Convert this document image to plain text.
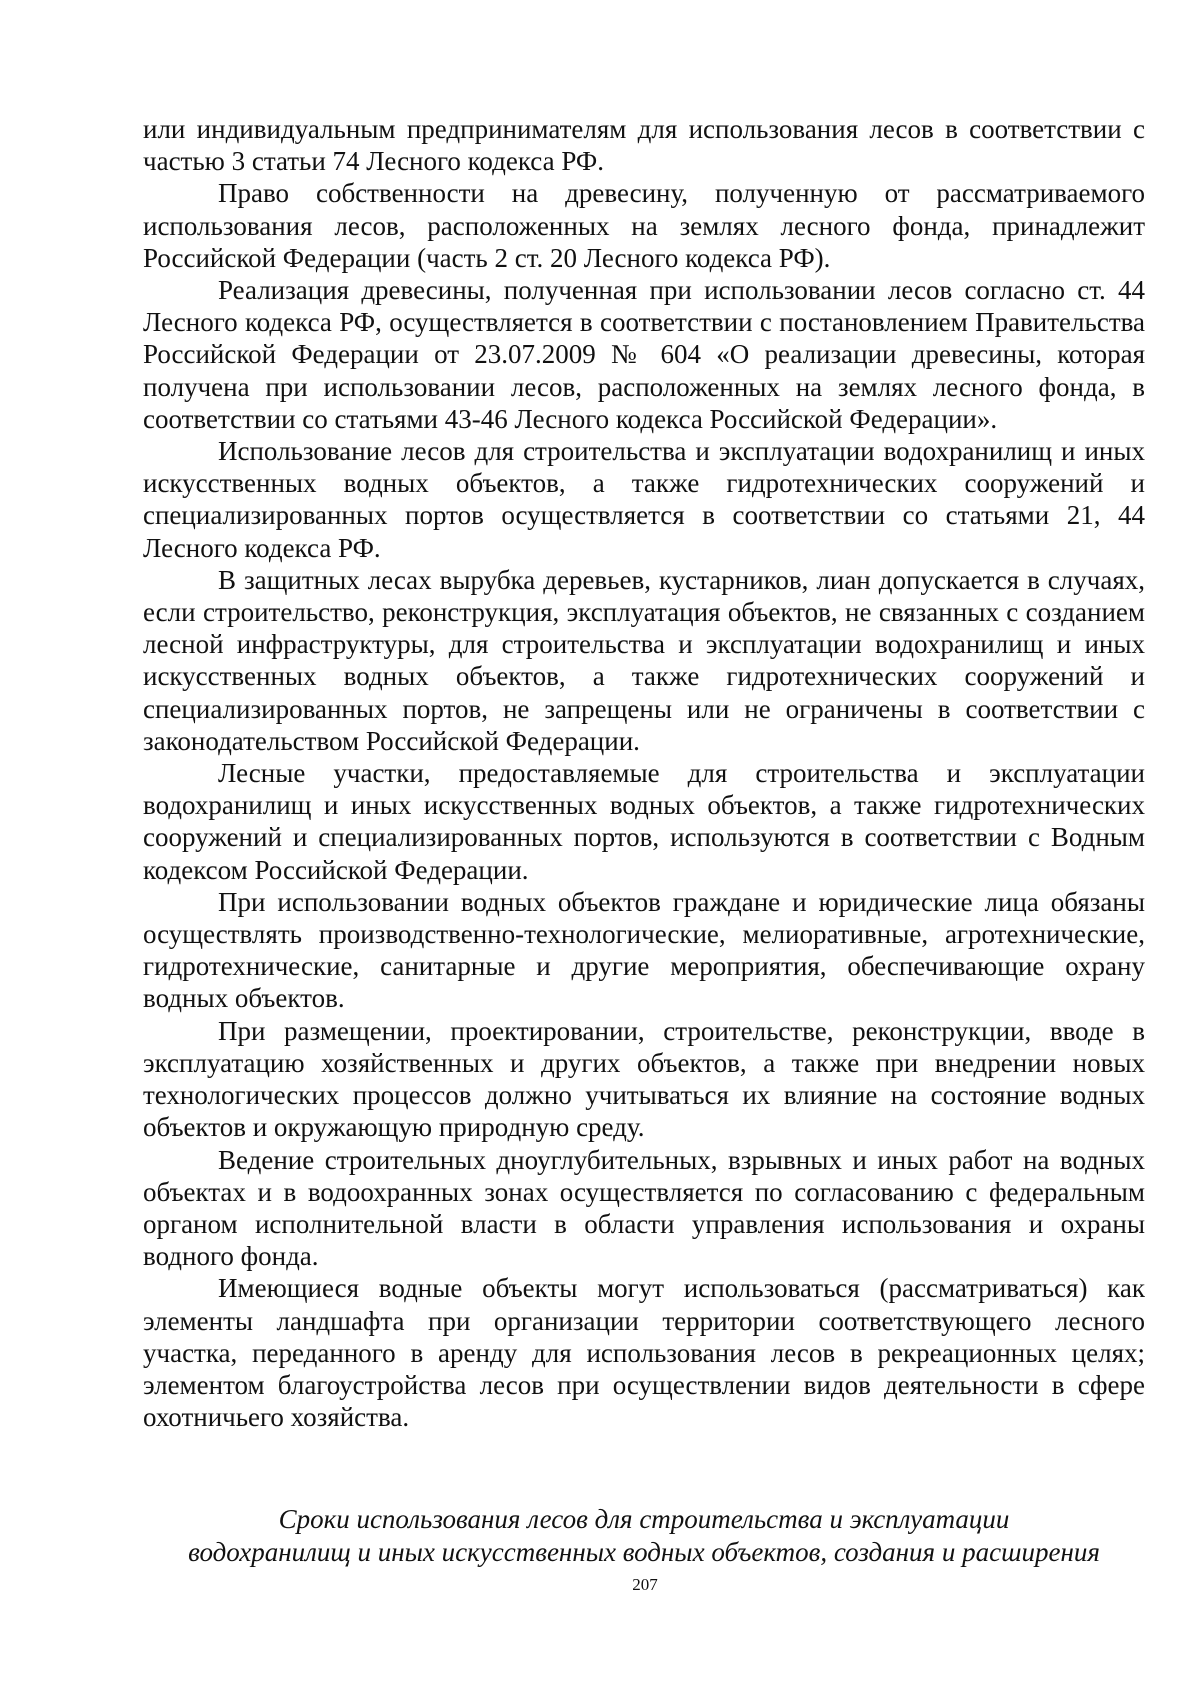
или индивидуальным предпринимателям для использования лесов в соответствии с частью 3 статьи 74 Лесного кодекса РФ.

Право собственности на древесину, полученную от рассматриваемого использования лесов, расположенных на землях лесного фонда, принадлежит Российской Федерации (часть 2 ст. 20 Лесного кодекса РФ).

Реализация древесины, полученная при использовании лесов согласно ст. 44 Лесного кодекса РФ, осуществляется в соответствии с постановлением Правительства Российской Федерации от 23.07.2009 № 604 «О реализации древесины, которая получена при использовании лесов, расположенных на землях лесного фонда, в соответствии со статьями 43-46 Лесного кодекса Российской Федерации».

Использование лесов для строительства и эксплуатации водохранилищ и иных искусственных водных объектов, а также гидротехнических сооружений и специализированных портов осуществляется в соответствии со статьями 21, 44 Лесного кодекса РФ.

В защитных лесах вырубка деревьев, кустарников, лиан допускается в случаях, если строительство, реконструкция, эксплуатация объектов, не связанных с созданием лесной инфраструктуры, для строительства и эксплуатации водохранилищ и иных искусственных водных объектов, а также гидротехнических сооружений и специализированных портов, не запрещены или не ограничены в соответствии с законодательством Российской Федерации.

Лесные участки, предоставляемые для строительства и эксплуатации водохранилищ и иных искусственных водных объектов, а также гидротехнических сооружений и специализированных портов, используются в соответствии с Водным кодексом Российской Федерации.

При использовании водных объектов граждане и юридические лица обязаны осуществлять производственно-технологические, мелиоративные, агротехнические, гидротехнические, санитарные и другие мероприятия, обеспечивающие охрану водных объектов.

При размещении, проектировании, строительстве, реконструкции, вводе в эксплуатацию хозяйственных и других объектов, а также при внедрении новых технологических процессов должно учитываться их влияние на состояние водных объектов и окружающую природную среду.

Ведение строительных дноуглубительных, взрывных и иных работ на водных объектах и в водоохранных зонах осуществляется по согласованию с федеральным органом исполнительной власти в области управления использования и охраны водного фонда.

Имеющиеся водные объекты могут использоваться (рассматриваться) как элементы ландшафта при организации территории соответствующего лесного участка, переданного в аренду для использования лесов в рекреационных целях; элементом благоустройства лесов при осуществлении видов деятельности в сфере охотничьего хозяйства.

Сроки использования лесов для строительства и эксплуатации
водохранилищ и иных искусственных водных объектов, создания и расширения
207
